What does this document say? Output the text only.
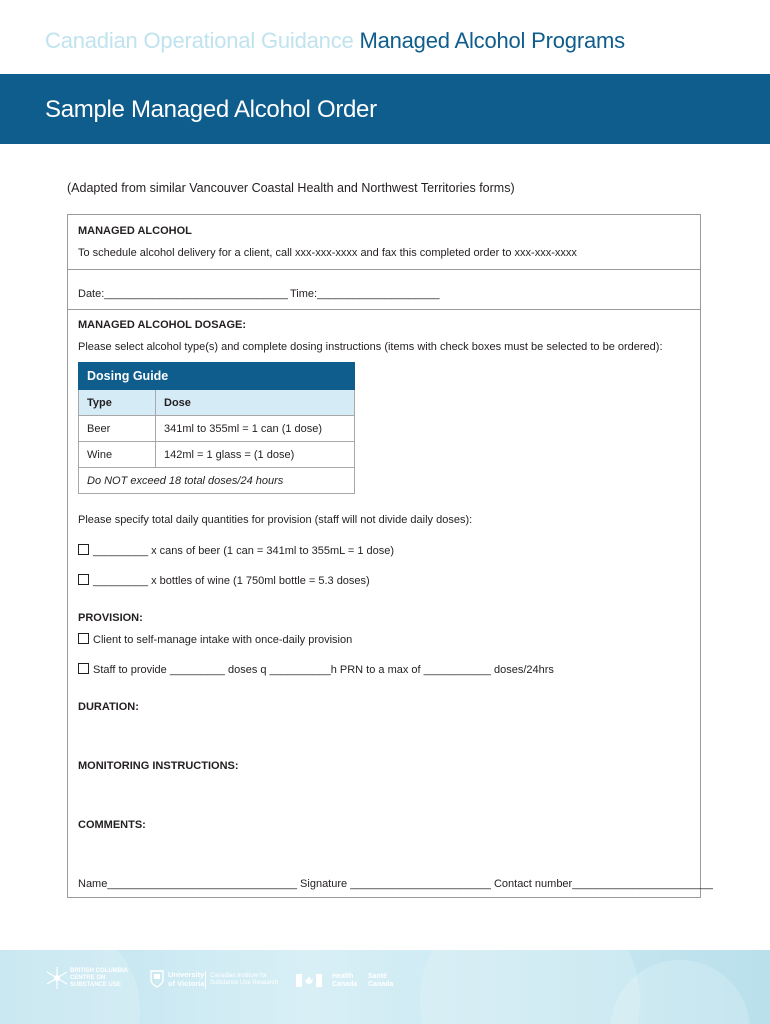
Canadian Operational Guidance Managed Alcohol Programs
Sample Managed Alcohol Order
(Adapted from similar Vancouver Coastal Health and Northwest Territories forms)
MANAGED ALCOHOL
To schedule alcohol delivery for a client, call xxx-xxx-xxxx and fax this completed order to xxx-xxx-xxxx
Date:______________________________ Time:____________________
MANAGED ALCOHOL DOSAGE:
Please select alcohol type(s) and complete dosing instructions (items with check boxes must be selected to be ordered):
Dosing Guide	
Type	Dose
Beer	341ml to 355ml = 1 can (1 dose)
Wine	142ml = 1 glass = (1 dose)
Do NOT exceed 18 total doses/24 hours	
Please specify total daily quantities for provision (staff will not divide daily doses):
_________ x cans of beer (1 can = 341ml to 355mL = 1 dose)
_________ x bottles of wine (1 750ml bottle = 5.3 doses)
PROVISION:
Client to self-manage intake with once-daily provision
Staff to provide _________ doses q __________h PRN to a max of ___________ doses/24hrs
DURATION:
MONITORING INSTRUCTIONS:
COMMENTS:
Name_______________________________ Signature _______________________ Contact number_______________________
BRITISH COLUMBIA
CENTRE ON
SUBSTANCE USE
University
of Victoria
Canadian Institute for
Substance Use Research
Health
Canada
Santé
Canada
